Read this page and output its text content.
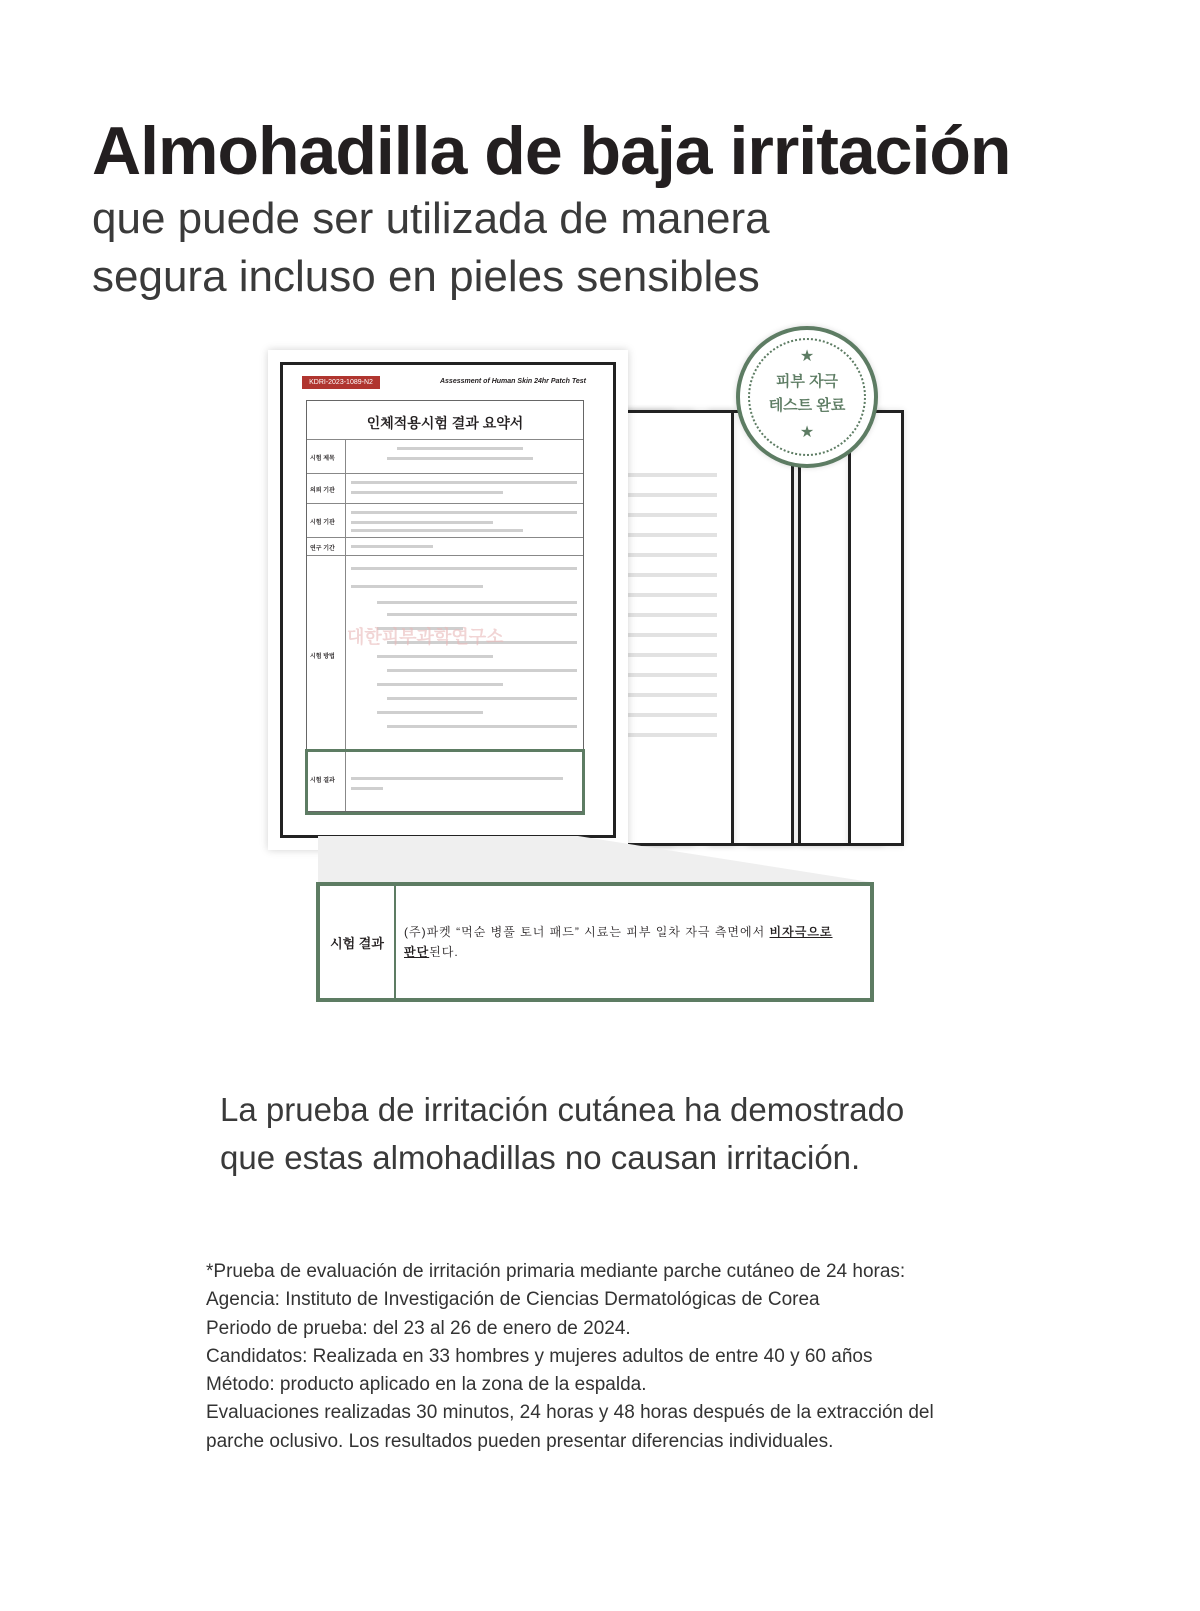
Almohadilla de baja irritación

que puede ser utilizada de manera
segura incluso en pieles sensibles

KDRI-2023-1089-N2	Assessment of Human Skin 24hr Patch Test
인체적용시험 결과 요약서
시험 제목
의뢰 기관
시험 기관
연구 기간
시험 방법
시험 결과
대한피부과학연구소
★
피부 자극
테스트 완료
★
시험 결과
(주)파켓 “먹순 병풀 토너 패드” 시료는 피부 일차 자극 측면에서 비자극으로
판단된다.

La prueba de irritación cutánea ha demostrado
que estas almohadillas no causan irritación.

*Prueba de evaluación de irritación primaria mediante parche cutáneo de 24 horas:
Agencia: Instituto de Investigación de Ciencias Dermatológicas de Corea
Periodo de prueba: del 23 al 26 de enero de 2024.
Candidatos: Realizada en 33 hombres y mujeres adultos de entre 40 y 60 años
Método: producto aplicado en la zona de la espalda.
Evaluaciones realizadas 30 minutos, 24 horas y 48 horas después de la extracción del
parche oclusivo. Los resultados pueden presentar diferencias individuales.
